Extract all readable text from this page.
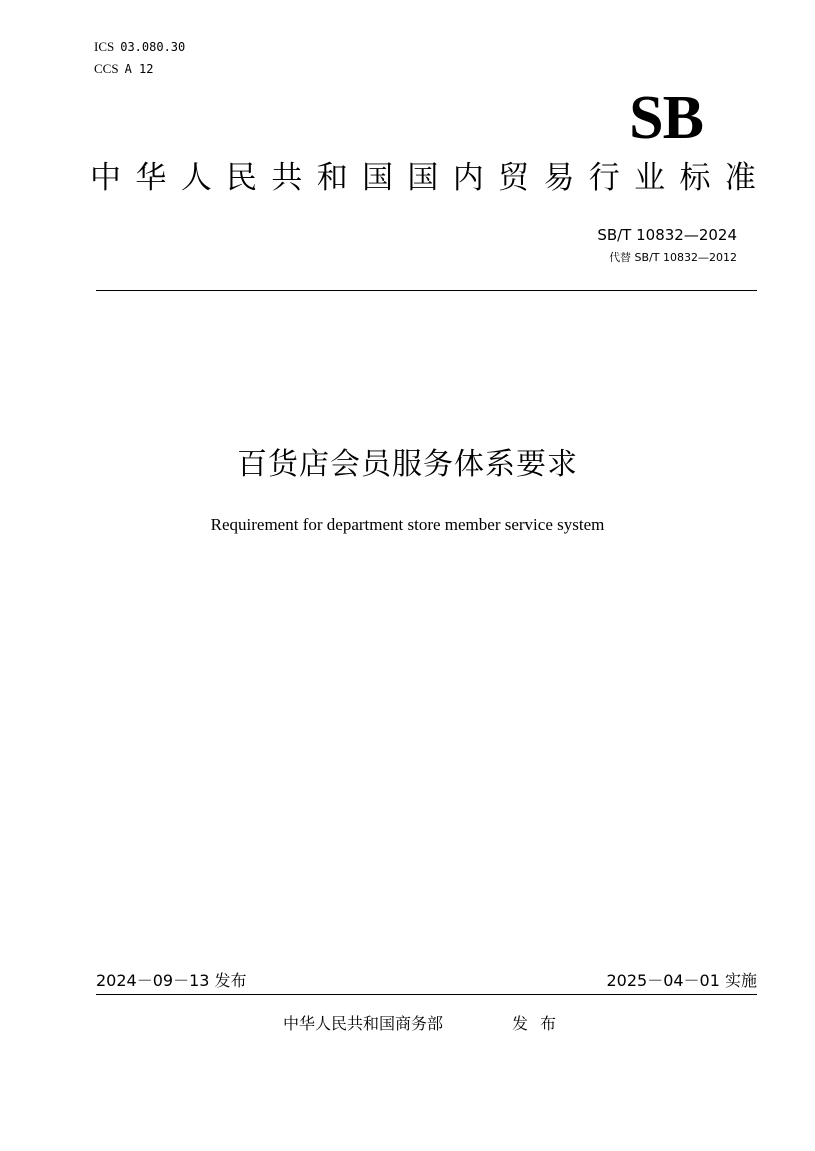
ICS 03.080.30
CCS A 12
SB
中 华 人 民 共 和 国 国 内 贸 易 行 业 标 准
SB/T 10832—2024
代替 SB/T 10832—2012
百货店会员服务体系要求
Requirement for department store member service system
2024－09－13 发布	2025－04－01 实施
中华人民共和国商务部	发布
